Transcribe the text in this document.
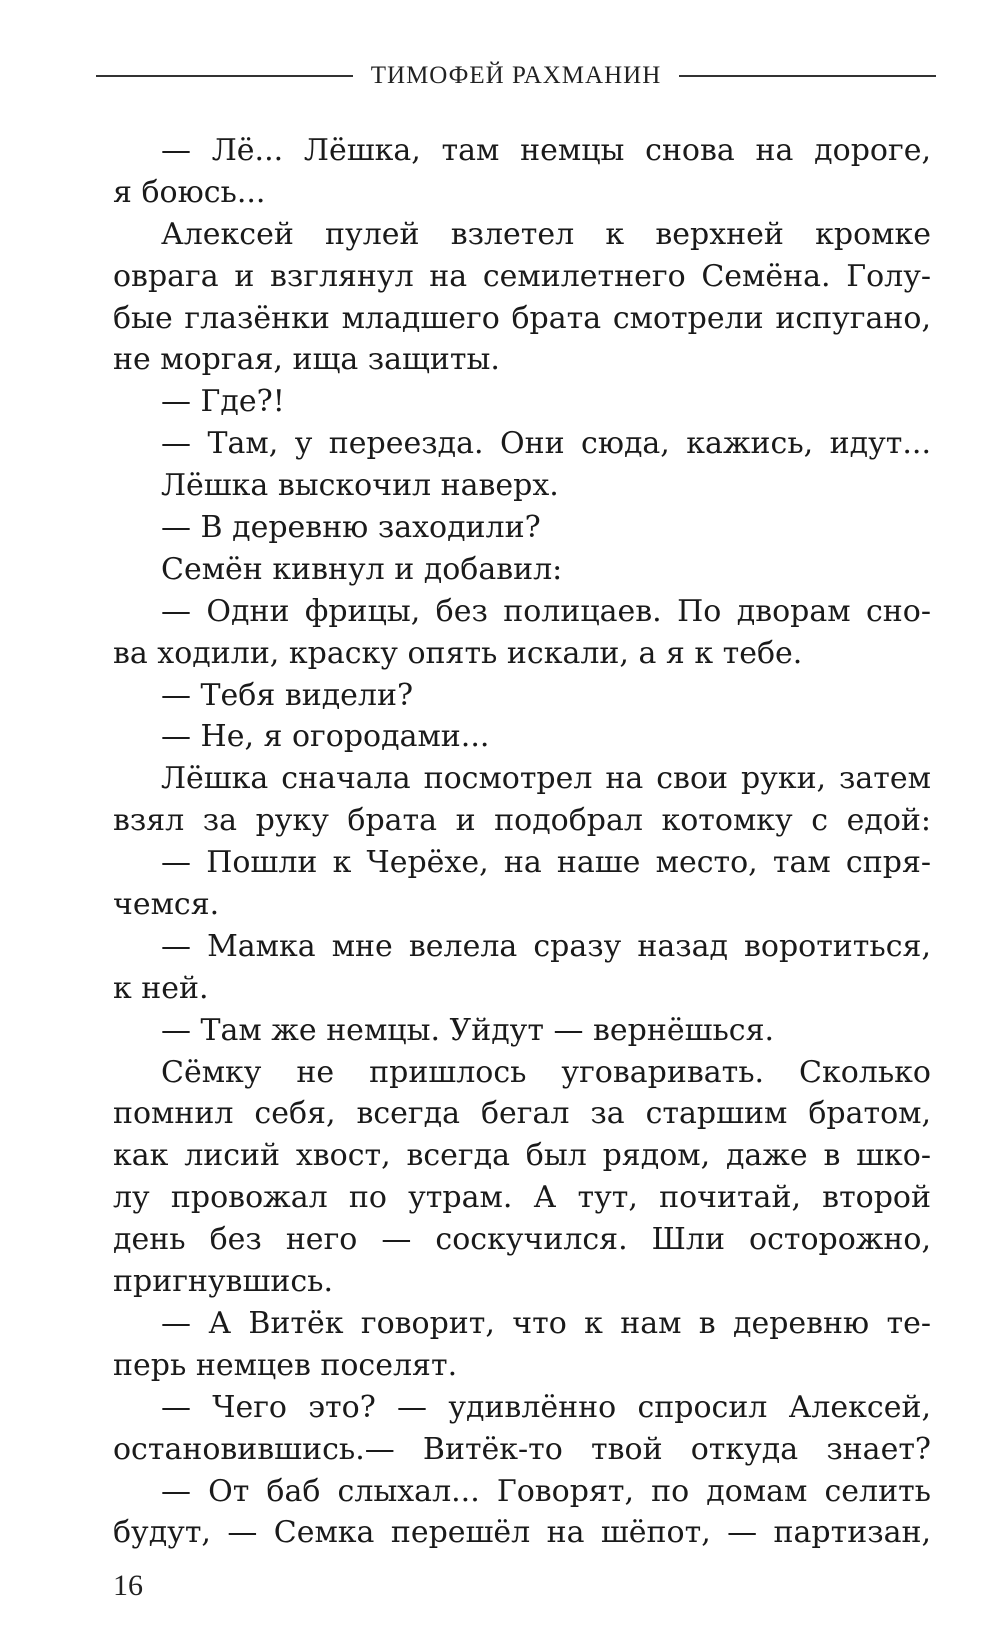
ТИМОФЕЙ РАХМАНИН
— Лё... Лёшка, там немцы снова на дороге,
я боюсь...
Алексей пулей взлетел к верхней кромке
оврага и взглянул на семилетнего Семёна. Голу-
бые глазёнки младшего брата смотрели испугано,
не моргая, ища защиты.
— Где?!
— Там, у переезда. Они сюда, кажись, идут...
Лёшка выскочил наверх.
— В деревню заходили?
Семён кивнул и добавил:
— Одни фрицы, без полицаев. По дворам сно-
ва ходили, краску опять искали, а я к тебе.
— Тебя видели?
— Не, я огородами...
Лёшка сначала посмотрел на свои руки, затем
взял за руку брата и подобрал котомку с едой:
— Пошли к Черёхе, на наше место, там спря-
чемся.
— Мамка мне велела сразу назад воротиться,
к ней.
— Там же немцы. Уйдут — вернёшься.
Сёмку не пришлось уговаривать. Сколько
помнил себя, всегда бегал за старшим братом,
как лисий хвост, всегда был рядом, даже в шко-
лу провожал по утрам. А тут, почитай, второй
день без него — соскучился. Шли осторожно,
пригнувшись.
— А Витёк говорит, что к нам в деревню те-
перь немцев поселят.
— Чего это? — удивлённо спросил Алексей,
остановившись.— Витёк-то твой откуда знает?
— От баб слыхал... Говорят, по домам селить
будут, — Семка перешёл на шёпот, — партизан,
16
